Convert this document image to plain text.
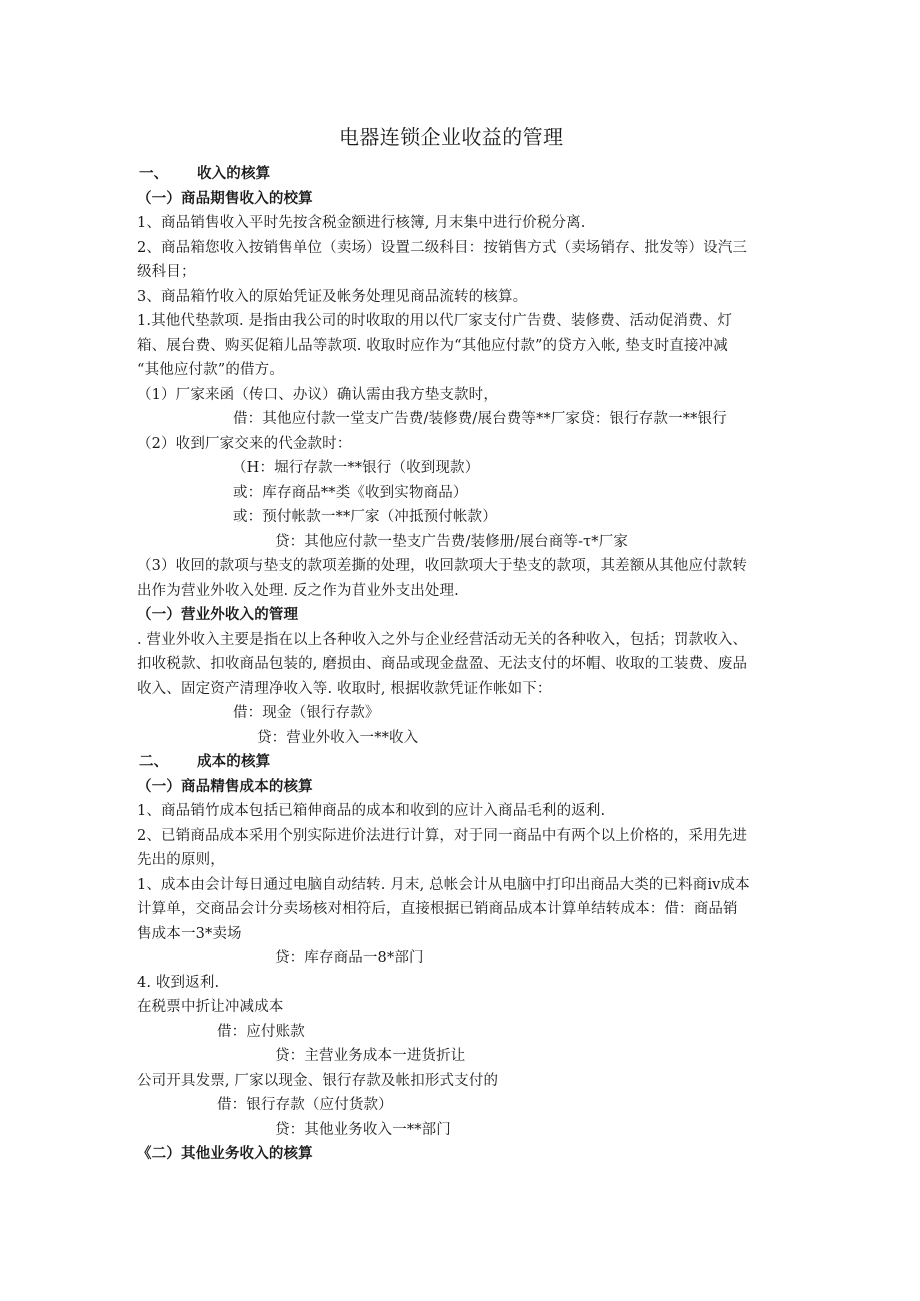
电器连锁企业收益的管理
一、 收入的核算
（一）商品期售收入的校算
1、商品销售收入平时先按含税金额进行核簿, 月末集中进行价税分离.
2、商品箱您收入按销售单位（卖场）设置二级科目：按销售方式（卖场销存、批发等）设汽三
级科目；
3、商品箱竹收入的原始凭证及帐务处理见商品流转的核算。
1.其他代垫款项. 是指由我公司的时收取的用以代厂家支付广告费、装修费、活动促消费、灯
箱、展台费、购买促箱儿品等款项. 收取时应作为“其他应付款”的贷方入帐, 垫支时直接冲减
“其他应付款”的借方。
（1）厂家来函（传口、办议）确认需由我方垫支款时，
借：其他应付款一堂支广告费/装修费/展台费等**厂家贷：银行存款一**银行
（2）收到厂家交来的代金款时：
（H：堀行存款一**银行（收到现款）
或：库存商品**类《收到实物商品）
或：预付帐款一**厂家（冲抵预付帐款）
贷：其他应付款一垫支广告费/装修册/展台商等-τ*厂家
（3）收回的款项与垫支的款项差撕的处理，收回款项大于垫支的款项，其差额从其他应付款转
出作为营业外收入处理. 反之作为苜业外支出处理.
（一）营业外收入的管理
. 营业外收入主要是指在以上各种收入之外与企业经营活动无关的各种收入，包括；罚款收入、
扣收税款、扣收商品包装的, 磨损由、商品或现金盘盈、无法支付的坏帽、收取的工装费、废品
收入、固定资产清理净收入等. 收取时, 根据收款凭证作帐如下：
借：现金（银行存款》
贷：营业外收入一**收入
二、 成本的核算
（一）商品精售成本的核算
1、商品销竹成本包括已箱伸商品的成本和收到的应计入商品毛利的返利.
2、已销商品成本采用个别实际进价法进行计算，对于同一商品中有两个以上价格的，采用先进
先出的原则，
1、成本由会计每日通过电脑自动结转. 月末, 总帐会计从电脑中打印出商品大类的已料商ⅳ成本
计算单，交商品会计分卖场核对相符后，直接根据已销商品成本计算单结转成本：借：商品销
售成本一3*卖场
贷：库存商品一8*部门
4. 收到返利.
在税票中折让冲减成本
借：应付账款
贷：主营业务成本一进货折让
公司开具发票, 厂家以现金、银行存款及帐扣形式支付的
借：银行存款（应付货款）
贷：其他业务收入一**部门
《二）其他业务收入的核算
